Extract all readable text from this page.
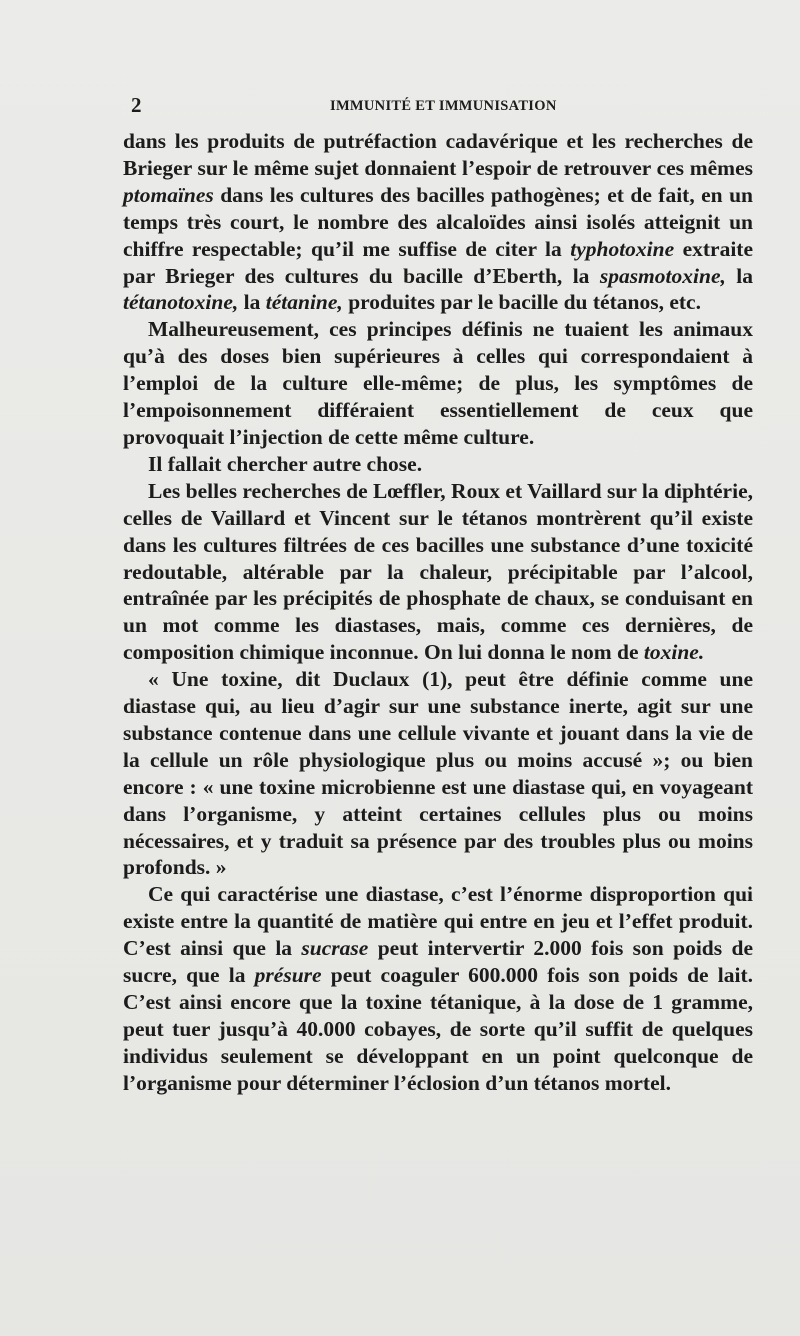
2	IMMUNITÉ ET IMMUNISATION

dans les produits de putréfaction cadavérique et les recherches de Brieger sur le même sujet donnaient l’espoir de retrouver ces mêmes ptomaïnes dans les cultures des bacilles pathogènes; et de fait, en un temps très court, le nombre des alcaloïdes ainsi isolés atteignit un chiffre respectable; qu’il me suffise de citer la typhotoxine extraite par Brieger des cultures du bacille d’Eberth, la spasmotoxine, la tétanotoxine, la tétanine, produites par le bacille du tétanos, etc.

Malheureusement, ces principes définis ne tuaient les animaux qu’à des doses bien supérieures à celles qui correspondaient à l’emploi de la culture elle-même; de plus, les symptômes de l’empoisonnement différaient essentiellement de ceux que provoquait l’injection de cette même culture.

Il fallait chercher autre chose.

Les belles recherches de Lœffler, Roux et Vaillard sur la diphtérie, celles de Vaillard et Vincent sur le tétanos montrèrent qu’il existe dans les cultures filtrées de ces bacilles une substance d’une toxicité redoutable, altérable par la chaleur, précipitable par l’alcool, entraînée par les précipités de phosphate de chaux, se conduisant en un mot comme les diastases, mais, comme ces dernières, de composition chimique inconnue. On lui donna le nom de toxine.

« Une toxine, dit Duclaux (1), peut être définie comme une diastase qui, au lieu d’agir sur une substance inerte, agit sur une substance contenue dans une cellule vivante et jouant dans la vie de la cellule un rôle physiologique plus ou moins accusé »; ou bien encore : « une toxine microbienne est une diastase qui, en voyageant dans l’organisme, y atteint certaines cellules plus ou moins nécessaires, et y traduit sa présence par des troubles plus ou moins profonds. »

Ce qui caractérise une diastase, c’est l’énorme disproportion qui existe entre la quantité de matière qui entre en jeu et l’effet produit. C’est ainsi que la sucrase peut intervertir 2.000 fois son poids de sucre, que la présure peut coaguler 600.000 fois son poids de lait. C’est ainsi encore que la toxine tétanique, à la dose de 1 gramme, peut tuer jusqu’à 40.000 cobayes, de sorte qu’il suffit de quelques individus seulement se développant en un point quelconque de l’organisme pour déterminer l’éclosion d’un tétanos mortel.
